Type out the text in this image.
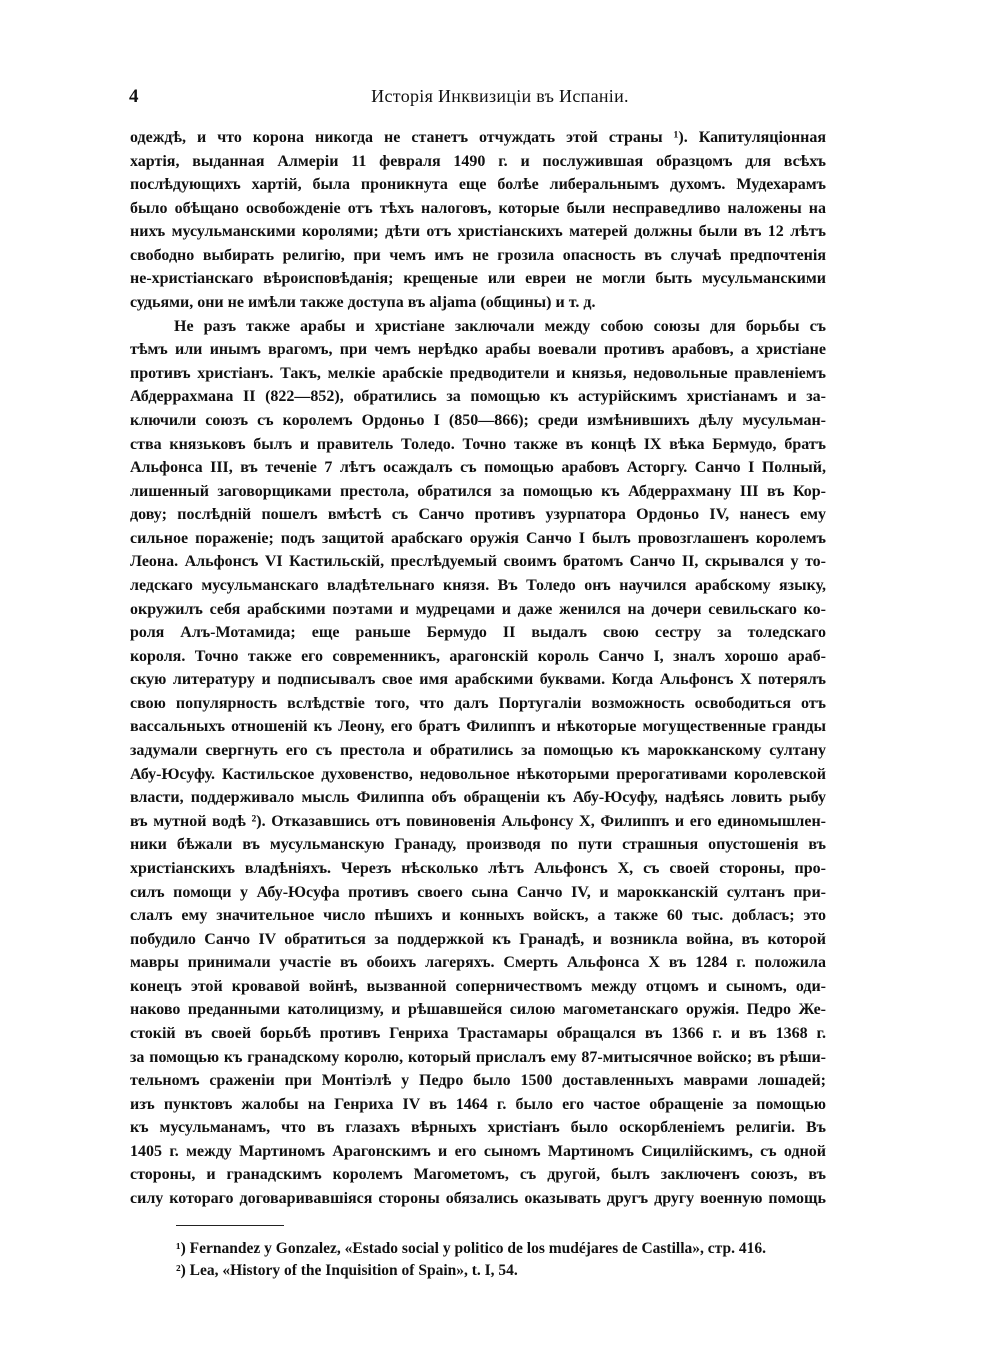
4	Исторія Инквизиціи въ Испаніи.
одеждѣ, и что корона никогда не станетъ отчуждать этой страны ¹). Капитуляціонная
хартія, выданная Алмеріи 11 февраля 1490 г. и послужившая образцомъ для всѣхъ
послѣдующихъ хартій, была проникнута еще болѣе либеральнымъ духомъ. Мудехарамъ
было обѣщано освобожденіе отъ тѣхъ налоговъ, которые были несправедливо наложены на
нихъ мусульманскими королями; дѣти отъ христіанскихъ матерей должны были въ 12 лѣтъ
свободно выбирать религію, при чемъ имъ не грозила опасность въ случаѣ предпочтенія
не-христіанскаго вѣроисповѣданія; крещеные или евреи не могли быть мусульманскими
судьями, они не имѣли также доступа въ aljama (общины) и т. д.
Не разъ также арабы и христіане заключали между собою союзы для борьбы съ
тѣмъ или инымъ врагомъ, при чемъ нерѣдко арабы воевали противъ арабовъ, а христіане
противъ христіанъ. Такъ, мелкіе арабскіе предводители и князья, недовольные правленіемъ
Абдеррахмана II (822—852), обратились за помощью къ астурійскимъ христіанамъ и за-
ключили союзъ съ королемъ Ордоньо I (850—866); среди измѣнившихъ дѣлу мусульман-
ства князьковъ былъ и правитель Толедо. Точно также въ концѣ IX вѣка Бермудо, братъ
Альфонса III, въ теченіе 7 лѣтъ осаждалъ съ помощью арабовъ Асторгу. Санчо I Полный,
лишенный заговорщиками престола, обратился за помощью къ Абдеррахману III въ Кор-
дову; послѣдній пошелъ вмѣстѣ съ Санчо противъ узурпатора Ордоньо IV, нанесъ ему
сильное пораженіе; подъ защитой арабскаго оружія Санчо I былъ провозглашенъ королемъ
Леона. Альфонсъ VI Кастильскій, преслѣдуемый своимъ братомъ Санчо II, скрывался у то-
ледскаго мусульманскаго владѣтельнаго князя. Въ Толедо онъ научился арабскому языку,
окружилъ себя арабскими поэтами и мудрецами и даже женился на дочери севильскаго ко-
роля Алъ-Мотамида; еще раньше Бермудо II выдалъ свою сестру за толедскаго
короля. Точно также его современникъ, арагонскій король Санчо I, зналъ хорошо араб-
скую литературу и подписывалъ свое имя арабскими буквами. Когда Альфонсъ X потерялъ
свою популярность вслѣдствіе того, что далъ Португаліи возможность освободиться отъ
вассальныхъ отношеній къ Леону, его братъ Филиппъ и нѣкоторые могущественные гранды
задумали свергнуть его съ престола и обратились за помощью къ марокканскому султану
Абу-Юсуфу. Кастильское духовенство, недовольное нѣкоторыми прерогативами королевской
власти, поддерживало мысль Филиппа объ обращеніи къ Абу-Юсуфу, надѣясь ловить рыбу
въ мутной водѣ ²). Отказавшись отъ повиновенія Альфонсу X, Филиппъ и его единомышлен-
ники бѣжали въ мусульманскую Гранаду, производя по пути страшныя опустошенія въ
христіанскихъ владѣніяхъ. Черезъ нѣсколько лѣтъ Альфонсъ X, съ своей стороны, про-
силъ помощи у Абу-Юсуфа противъ своего сына Санчо IV, и марокканскій султанъ при-
слалъ ему значительное число пѣшихъ и конныхъ войскъ, а также 60 тыс. добласъ; это
побудило Санчо IV обратиться за поддержкой къ Гранадѣ, и возникла война, въ которой
мавры принимали участіе въ обоихъ лагеряхъ. Смерть Альфонса X въ 1284 г. положила
конецъ этой кровавой войнѣ, вызванной соперничествомъ между отцомъ и сыномъ, оди-
наково преданными католицизму, и рѣшавшейся силою магометанскаго оружія. Педро Же-
стокій въ своей борьбѣ противъ Генриха Трастамары обращался въ 1366 г. и въ 1368 г.
за помощью къ гранадскому королю, который прислалъ ему 87-митысячное войско; въ рѣши-
тельномъ сраженіи при Монтіэлѣ у Педро было 1500 доставленныхъ маврами лошадей;
изъ пунктовъ жалобы на Генриха IV въ 1464 г. было его частое обращеніе за помощью
къ мусульманамъ, что въ глазахъ вѣрныхъ христіанъ было оскорбленіемъ религіи. Въ
1405 г. между Мартиномъ Арагонскимъ и его сыномъ Мартиномъ Сицилійскимъ, съ одной
стороны, и гранадскимъ королемъ Магометомъ, съ другой, былъ заключенъ союзъ, въ
силу котораго договаривавшіяся стороны обязались оказывать другъ другу военную помощь
¹) Fernandez y Gonzalez, «Estado social y politico de los mudéjares de Castilla», стр. 416.
²) Lea, «History of the Inquisition of Spain», t. I, 54.
